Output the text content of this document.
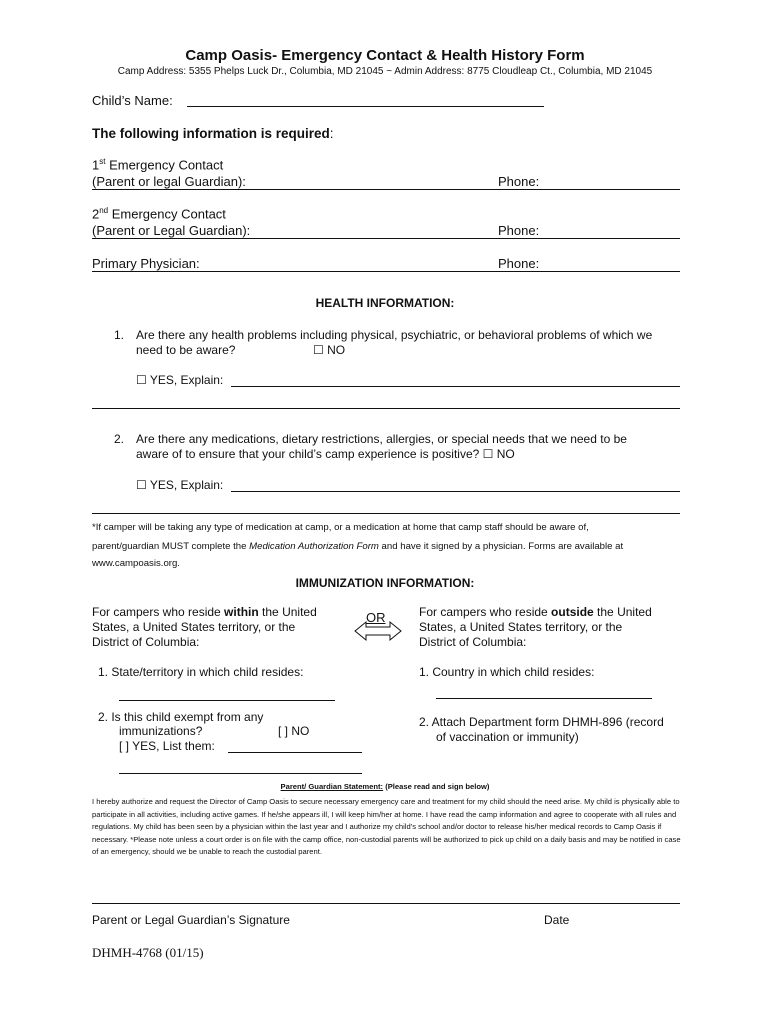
Camp Oasis- Emergency Contact & Health History Form
Camp Address: 5355 Phelps Luck Dr., Columbia, MD 21045 ~ Admin Address: 8775 Cloudleap Ct., Columbia, MD 21045
Child’s Name:
The following information is required:
1st Emergency Contact
(Parent or legal Guardian):	Phone:
2nd Emergency Contact
(Parent or Legal Guardian):	Phone:
Primary Physician:	Phone:
HEALTH INFORMATION:
1. Are there any health problems including physical, psychiatric, or behavioral problems of which we
need to be aware?	☐ NO
☐ YES, Explain:
2. Are there any medications, dietary restrictions, allergies, or special needs that we need to be
aware of to ensure that your child’s camp experience is positive? ☐ NO
☐ YES, Explain:
*If camper will be taking any type of medication at camp, or a medication at home that camp staff should be aware of,
parent/guardian MUST complete the Medication Authorization Form and have it signed by a physician. Forms are available at
www.campoasis.org.
IMMUNIZATION INFORMATION:
For campers who reside within the United
States, a United States territory, or the
District of Columbia:
OR	For campers who reside outside the United
States, a United States territory, or the
District of Columbia:
1. State/territory in which child resides:	1. Country in which child resides:
2. Is this child exempt from any
immunizations?	[ ] NO
[ ] YES, List them:
2. Attach Department form DHMH-896 (record
of vaccination or immunity)
Parent/ Guardian Statement: (Please read and sign below)
I hereby authorize and request the Director of Camp Oasis to secure necessary emergency care and treatment for my child should the need arise. My child is physically able to
participate in all activities, including active games. If he/she appears ill, I will keep him/her at home. I have read the camp information and agree to cooperate with all rules and
regulations. My child has been seen by a physician within the last year and I authorize my child’s school and/or doctor to release his/her medical records to Camp Oasis if
necessary. *Please note unless a court order is on file with the camp office, non-custodial parents will be authorized to pick up child on a daily basis and may be notified in case
of an emergency, should we be unable to reach the custodial parent.
Parent or Legal Guardian’s Signature	Date
DHMH-4768 (01/15)
